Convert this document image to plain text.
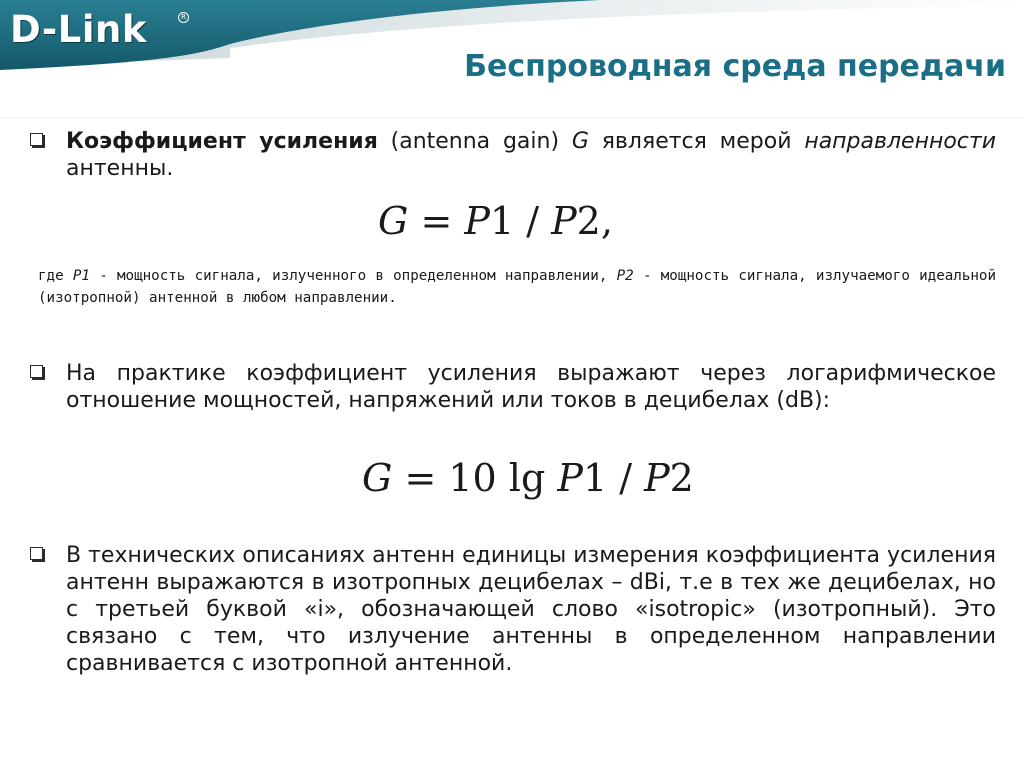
D-Link	R
Беспроводная среда передачи

Коэффициент усиления (antenna gain) G является мерой направленности антенны.

G = P1 / P2,

где P1 - мощность сигнала, излученного в определенном направлении, P2 - мощность сигнала, излучаемого идеальной (изотропной) антенной в любом направлении.

На практике коэффициент усиления выражают через логарифмическое отношение мощностей, напряжений или токов в децибелах (dB):

G = 10 lg P1 / P2

В технических описаниях антенн единицы измерения коэффициента усиления антенн выражаются в изотропных децибелах – dBi, т.е в тех же децибелах, но с третьей буквой «i», обозначающей слово «isotropic» (изотропный). Это связано с тем, что излучение антенны в определенном направлении сравнивается с изотропной антенной.
